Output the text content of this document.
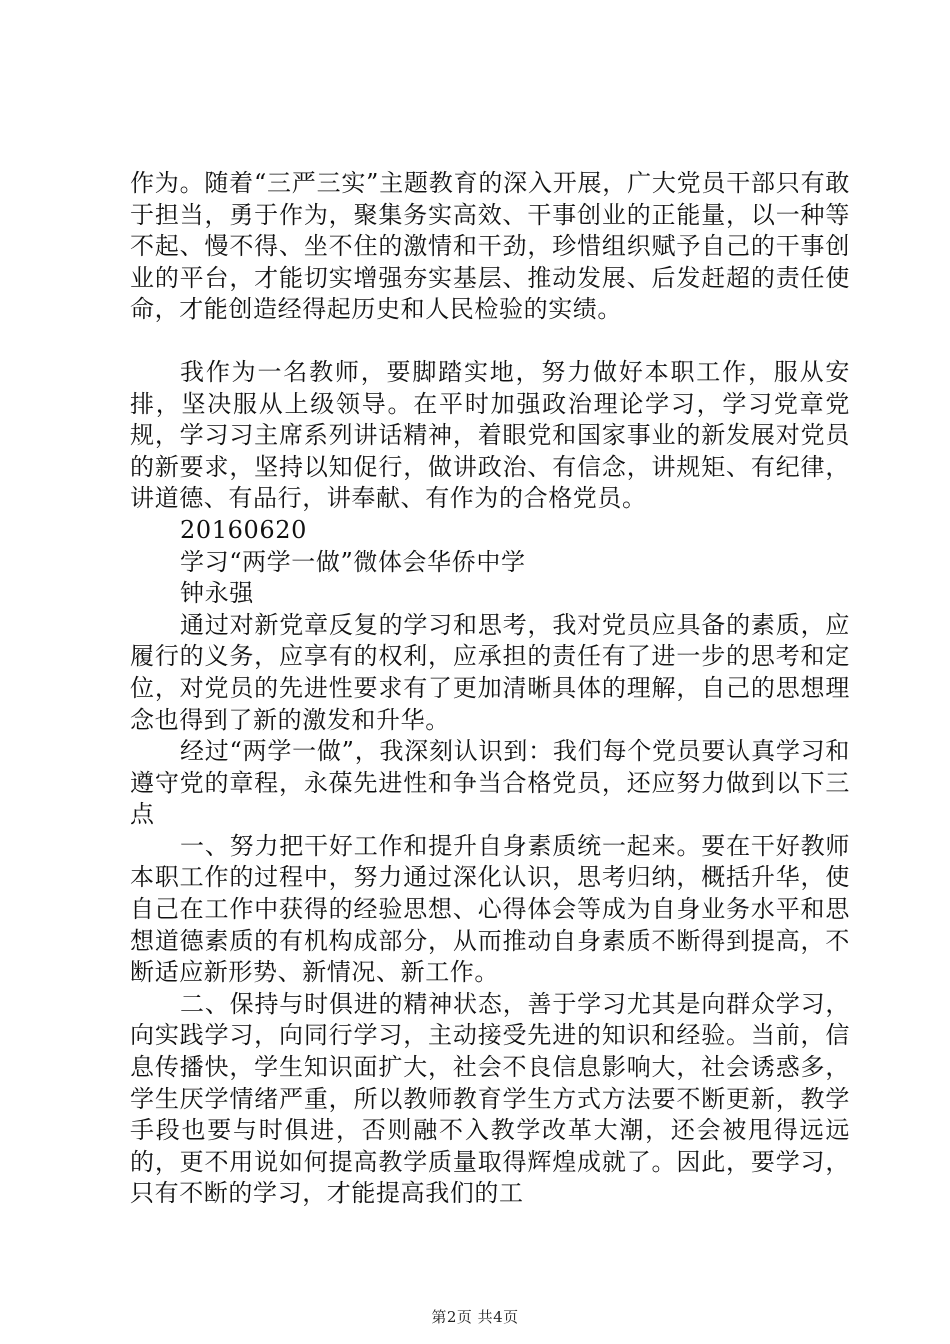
作为。随着“三严三实”主题教育的深入开展，广大党员干部只有敢于担当，勇于作为，聚集务实高效、干事创业的正能量，以一种等不起、慢不得、坐不住的激情和干劲，珍惜组织赋予自己的干事创业的平台，才能切实增强夯实基层、推动发展、后发赶超的责任使命，才能创造经得起历史和人民检验的实绩。

我作为一名教师，要脚踏实地，努力做好本职工作，服从安排，坚决服从上级领导。在平时加强政治理论学习，学习党章党规，学习习主席系列讲话精神，着眼党和国家事业的新发展对党员的新要求，坚持以知促行，做讲政治、有信念，讲规矩、有纪律，讲道德、有品行，讲奉献、有作为的合格党员。

20160620

学习“两学一做”微体会华侨中学

钟永强

通过对新党章反复的学习和思考，我对党员应具备的素质，应履行的义务，应享有的权利，应承担的责任有了进一步的思考和定位，对党员的先进性要求有了更加清晰具体的理解，自己的思想理念也得到了新的激发和升华。

经过“两学一做”，我深刻认识到：我们每个党员要认真学习和遵守党的章程，永葆先进性和争当合格党员，还应努力做到以下三点

一、努力把干好工作和提升自身素质统一起来。要在干好教师本职工作的过程中，努力通过深化认识，思考归纳，概括升华，使自己在工作中获得的经验思想、心得体会等成为自身业务水平和思想道德素质的有机构成部分，从而推动自身素质不断得到提高，不断适应新形势、新情况、新工作。

二、保持与时俱进的精神状态，善于学习尤其是向群众学习，向实践学习，向同行学习，主动接受先进的知识和经验。当前，信息传播快，学生知识面扩大，社会不良信息影响大，社会诱惑多，学生厌学情绪严重，所以教师教育学生方式方法要不断更新，教学手段也要与时俱进，否则融不入教学改革大潮，还会被甩得远远的，更不用说如何提高教学质量取得辉煌成就了。因此，要学习，只有不断的学习，才能提高我们的工

第2页 共4页
